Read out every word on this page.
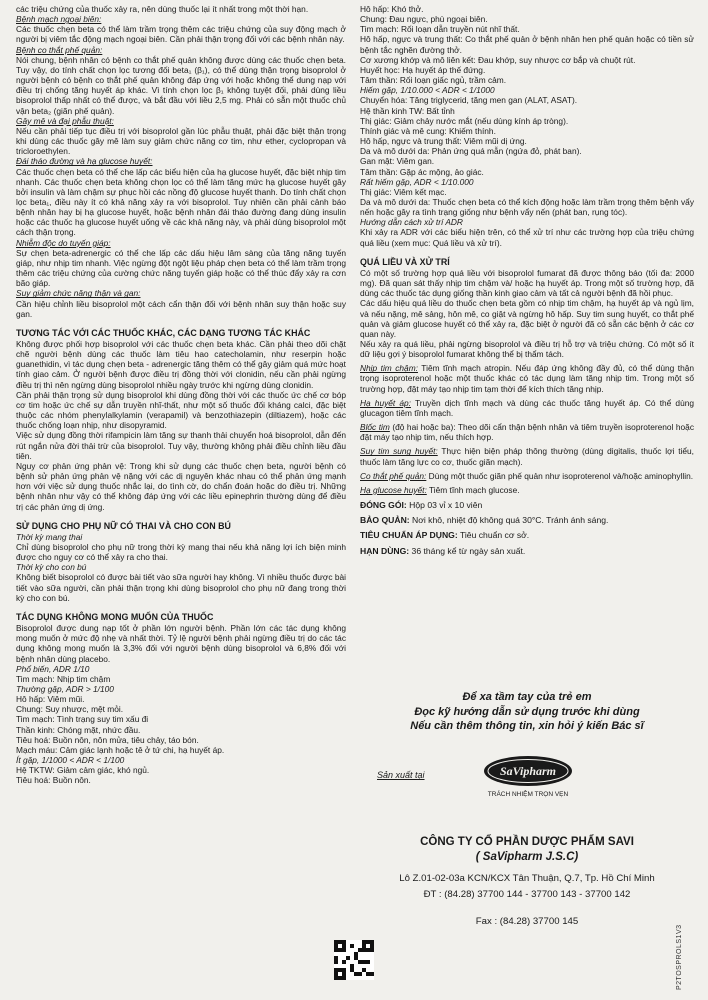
các triệu chứng của thuốc xảy ra, nên dùng thuốc lại ít nhất trong một thời hạn.

Bệnh mạch ngoại biên:

Các thuốc chẹn beta có thể làm trầm trọng thêm các triệu chứng của suy động mạch ở người bị viêm tắc động mạch ngoại biên. Cần phải thận trọng đối với các bệnh nhân này.

Bệnh co thắt phế quản:

Nói chung, bệnh nhân có bệnh co thắt phế quản không được dùng các thuốc chẹn beta. Tuy vậy, do tính chất chọn lọc tương đối beta₁ (β₁), có thể dùng thận trọng bisoprolol ở người bệnh có bệnh co thắt phế quản không đáp ứng với hoặc không thể dung nạp với điều trị chống tăng huyết áp khác. Vì tính chọn lọc β₁ không tuyệt đối, phải dùng liều bisoprolol thấp nhất có thể được, và bắt đầu với liều 2,5 mg. Phải có sẵn một thuốc chủ vận beta₂ (giãn phế quản).

Gây mê và đại phẫu thuật:

Nếu cần phải tiếp tục điều trị với bisoprolol gần lúc phẫu thuật, phải đặc biệt thận trọng khi dùng các thuốc gây mê làm suy giảm chức năng cơ tim, như ether, cyclopropan và tricloroethylen.

Đái tháo đường và hạ glucose huyết:

Các thuốc chẹn beta có thể che lấp các biểu hiện của hạ glucose huyết, đặc biệt nhịp tim nhanh. Các thuốc chẹn beta không chọn lọc có thể làm tăng mức hạ glucose huyết gây bởi insulin và làm chậm sự phục hồi các nồng độ glucose huyết thanh. Do tính chất chọn lọc beta₁, điều này ít có khả năng xảy ra với bisoprolol. Tuy nhiên cần phải cảnh báo bệnh nhân hay bị hạ glucose huyết, hoặc bệnh nhân đái tháo đường đang dùng insulin hoặc các thuốc hạ glucose huyết uống về các khả năng này, và phải dùng bisoprolol một cách thận trọng.

Nhiễm độc do tuyến giáp:

Sự chẹn beta-adrenergic có thể che lấp các dấu hiệu lâm sàng của tăng năng tuyến giáp, như nhịp tim nhanh. Việc ngừng đột ngột liệu pháp chẹn beta có thể làm trầm trọng thêm các triệu chứng của cường chức năng tuyến giáp hoặc có thể thúc đẩy xảy ra cơn bão giáp.

Suy giảm chức năng thận và gan:

Cần hiệu chỉnh liều bisoprolol một cách cẩn thận đối với bệnh nhân suy thận hoặc suy gan.

TƯƠNG TÁC VỚI CÁC THUỐC KHÁC, CÁC DẠNG TƯƠNG TÁC KHÁC

Không được phối hợp bisoprolol với các thuốc chẹn beta khác. Cần phải theo dõi chặt chẽ người bệnh dùng các thuốc làm tiêu hao catecholamin, như reserpin hoặc guanethidin, vì tác dụng chẹn beta - adrenergic tăng thêm có thể gây giảm quá mức hoạt tính giao cảm. Ở người bệnh được điều trị đồng thời với clonidin, nếu cần phải ngừng điều trị thì nên ngừng dùng bisoprolol nhiều ngày trước khi ngừng dùng clonidin.

Cần phải thận trọng sử dụng bisoprolol khi dùng đồng thời với các thuốc ức chế cơ bóp cơ tim hoặc ức chế sự dẫn truyền nhĩ-thất, như một số thuốc đối kháng calci, đặc biệt thuộc các nhóm phenylalkylamin (verapamil) và benzothiazepin (diltiazem), hoặc các thuốc chống loạn nhịp, như disopyramid.

Việc sử dụng đồng thời rifampicin làm tăng sự thanh thải chuyển hoá bisoprolol, dẫn đến rút ngắn nửa đời thải trừ của bisoprolol. Tuy vậy, thường không phải điều chỉnh liều đầu tiên.

Nguy cơ phản ứng phản vệ: Trong khi sử dụng các thuốc chẹn beta, người bệnh có bệnh sử phản ứng phản vệ nặng với các dị nguyên khác nhau có thể phản ứng mạnh hơn với việc sử dụng thuốc nhắc lại, do tình cờ, do chẩn đoán hoặc do điều trị. Những bệnh nhân như vậy có thể không đáp ứng với các liều epinephrin thường dùng để điều trị các phản ứng dị ứng.

SỬ DỤNG CHO PHỤ NỮ CÓ THAI VÀ CHO CON BÚ

Thời kỳ mang thai

Chỉ dùng bisoprolol cho phụ nữ trong thời kỳ mang thai nếu khả năng lợi ích biện minh được cho nguy cơ có thể xảy ra cho thai.

Thời kỳ cho con bú

Không biết bisoprolol có được bài tiết vào sữa người hay không. Vì nhiều thuốc được bài tiết vào sữa người, cần phải thận trọng khi dùng bisoprolol cho phụ nữ đang trong thời kỳ cho con bú.

TÁC DỤNG KHÔNG MONG MUỐN CỦA THUỐC

Bisoprolol được dung nạp tốt ở phần lớn người bệnh. Phần lớn các tác dụng không mong muốn ở mức độ nhẹ và nhất thời. Tỷ lệ người bệnh phải ngừng điều trị do các tác dụng không mong muốn là 3,3% đối với người bệnh dùng bisoprolol và 6,8% đối với bệnh nhân dùng placebo.

Phổ biến, ADR 1/10

Tim mạch: Nhịp tim chậm

Thường gặp, ADR > 1/100

Hô hấp: Viêm mũi.

Chung: Suy nhược, mệt mỏi.

Tim mạch: Tình trạng suy tim xấu đi

Thần kinh: Chóng mặt, nhức đầu.

Tiêu hoá: Buồn nôn, nôn mửa, tiêu chảy, táo bón.

Mạch máu: Cảm giác lạnh hoặc tê ở tứ chi, hạ huyết áp.

Ít gặp, 1/1000 < ADR < 1/100

Hệ TKTW: Giảm cảm giác, khó ngủ.

Tiêu hoá: Buồn nôn.

Hô hấp: Khó thở.

Chung: Đau ngực, phù ngoại biên.

Tim mạch: Rối loạn dẫn truyền nút nhĩ thất.

Hô hấp, ngực và trung thất: Co thắt phế quản ở bệnh nhân hen phế quản hoặc có tiền sử bệnh tắc nghẽn đường thở.

Cơ xương khớp và mô liên kết: Đau khớp, suy nhược cơ bắp và chuột rút.

Huyết học: Hạ huyết áp thế đứng.

Tâm thần: Rối loạn giấc ngủ, trầm cảm.

Hiếm gặp, 1/10.000 < ADR < 1/1000

Chuyển hóa: Tăng triglycerid, tăng men gan (ALAT, ASAT).

Hệ thần kinh TW: Bất tỉnh

Thị giác: Giảm chảy nước mắt (nếu dùng kính áp tròng).

Thính giác và mê cung: Khiếm thính.

Hô hấp, ngực và trung thất: Viêm mũi dị ứng.

Da và mô dưới da: Phản ứng quá mẫn (ngứa đỏ, phát ban).

Gan mật: Viêm gan.

Tâm thần: Gặp ác mộng, ảo giác.

Rất hiếm gặp, ADR < 1/10.000

Thị giác: Viêm kết mạc.

Da và mô dưới da: Thuốc chẹn beta có thể kích động hoặc làm trầm trọng thêm bệnh vẩy nến hoặc gây ra tình trạng giống như bệnh vẩy nến (phát ban, rụng tóc).

Hướng dẫn cách xử trí ADR

Khi xảy ra ADR với các biểu hiện trên, có thể xử trí như các trường hợp của triệu chứng quá liều (xem mục: Quá liều và xử trí).

QUÁ LIỀU VÀ XỬ TRÍ

Có một số trường hợp quá liều với bisoprolol fumarat đã được thông báo (tối đa: 2000 mg). Đã quan sát thấy nhịp tim chậm và/ hoặc hạ huyết áp. Trong một số trường hợp, đã dùng các thuốc tác dụng giống thần kinh giao cảm và tất cả người bệnh đã hồi phục.

Các dấu hiệu quá liều do thuốc chẹn beta gồm có nhịp tim chậm, hạ huyết áp và ngủ lịm, và nếu nặng, mê sảng, hôn mê, co giật và ngừng hô hấp. Suy tim sung huyết, co thắt phế quản và giảm glucose huyết có thể xảy ra, đặc biệt ở người đã có sẵn các bệnh ở các cơ quan này.

Nếu xảy ra quá liều, phải ngừng bisoprolol và điều trị hỗ trợ và triệu chứng. Có một số ít dữ liệu gợi ý bisoprolol fumarat không thể bị thẩm tách.

Nhịp tim chậm: Tiêm tĩnh mạch atropin. Nếu đáp ứng không đầy đủ, có thể dùng thận trọng isoproterenol hoặc một thuốc khác có tác dụng làm tăng nhịp tim. Trong một số trường hợp, đặt máy tạo nhịp tim tạm thời để kích thích tăng nhịp.

Hạ huyết áp: Truyền dịch tĩnh mạch và dùng các thuốc tăng huyết áp. Có thể dùng glucagon tiêm tĩnh mạch.

Blốc tim (độ hai hoặc ba): Theo dõi cẩn thận bệnh nhân và tiêm truyền isoproterenol hoặc đặt máy tạo nhịp tim, nếu thích hợp.

Suy tim sung huyết: Thực hiện biện pháp thông thường (dùng digitalis, thuốc lợi tiểu, thuốc làm tăng lực co cơ, thuốc giãn mạch).

Co thắt phế quản: Dùng một thuốc giãn phế quản như isoproterenol và/hoặc aminophyllin.

Hạ glucose huyết: Tiêm tĩnh mạch glucose.

ĐÓNG GÓI: Hộp 03 vỉ x 10 viên

BẢO QUẢN: Nơi khô, nhiệt độ không quá 30°C. Tránh ánh sáng.

TIÊU CHUẨN ÁP DỤNG: Tiêu chuẩn cơ sở.

HẠN DÙNG: 36 tháng kể từ ngày sản xuất.

Để xa tầm tay của trẻ em

Đọc kỹ hướng dẫn sử dụng trước khi dùng

Nếu cần thêm thông tin, xin hỏi ý kiến Bác sĩ

Sản xuất tại	SaVipharm
TRÁCH NHIỆM TRỌN VẸN

CÔNG TY CỔ PHẦN DƯỢC PHẨM SAVI

( SaVipharm J.S.C)

Lô Z.01-02-03a KCN/KCX Tân Thuận, Q.7, Tp. Hồ Chí Minh

ĐT : (84.28) 37700 144 - 37700 143 - 37700 142

Fax : (84.28) 37700 145

P2TOSPROLS1V3
